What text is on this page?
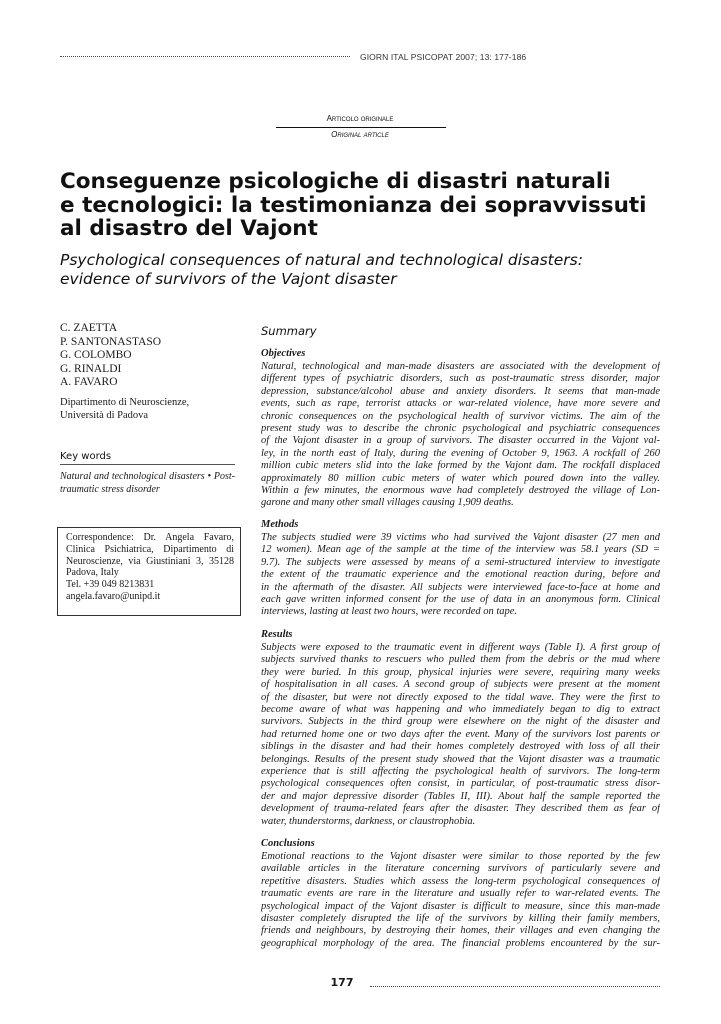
GIORN ITAL PSICOPAT 2007; 13: 177-186
Articolo originale
Original article
Conseguenze psicologiche di disastri naturali
e tecnologici: la testimonianza dei sopravvissuti
al disastro del Vajont
Psychological consequences of natural and technological disasters:
evidence of survivors of the Vajont disaster
C. ZAETTA
P. SANTONASTASO
G. COLOMBO
G. RINALDI
A. FAVARO
Dipartimento di Neuroscienze,
Università di Padova
Key words
Natural and technological disasters • Post-traumatic stress disorder
Correspondence: Dr. Angela Favaro, Clinica Psichiatrica, Dipartimento di Neuroscienze, via Giustiniani 3, 35128 Padova, Italy
Tel. +39 049 8213831
angela.favaro@unipd.it
Summary
Objectives
Natural, technological and man-made disasters are associated with the development of
different types of psychiatric disorders, such as post-traumatic stress disorder, major
depression, substance/alcohol abuse and anxiety disorders. It seems that man-made
events, such as rape, terrorist attacks or war-related violence, have more severe and
chronic consequences on the psychological health of survivor victims. The aim of the
present study was to describe the chronic psychological and psychiatric consequences
of the Vajont disaster in a group of survivors. The disaster occurred in the Vajont val-
ley, in the north east of Italy, during the evening of October 9, 1963. A rockfall of 260
million cubic meters slid into the lake formed by the Vajont dam. The rockfall displaced
approximately 80 million cubic meters of water which poured down into the valley.
Within a few minutes, the enormous wave had completely destroyed the village of Lon-
garone and many other small villages causing 1,909 deaths.
Methods
The subjects studied were 39 victims who had survived the Vajont disaster (27 men and
12 women). Mean age of the sample at the time of the interview was 58.1 years (SD =
9.7). The subjects were assessed by means of a semi-structured interview to investigate
the extent of the traumatic experience and the emotional reaction during, before and
in the aftermath of the disaster. All subjects were interviewed face-to-face at home and
each gave written informed consent for the use of data in an anonymous form. Clinical
interviews, lasting at least two hours, were recorded on tape.
Results
Subjects were exposed to the traumatic event in different ways (Table I). A first group of
subjects survived thanks to rescuers who pulled them from the debris or the mud where
they were buried. In this group, physical injuries were severe, requiring many weeks
of hospitalisation in all cases. A second group of subjects were present at the moment
of the disaster, but were not directly exposed to the tidal wave. They were the first to
become aware of what was happening and who immediately began to dig to extract
survivors. Subjects in the third group were elsewhere on the night of the disaster and
had returned home one or two days after the event. Many of the survivors lost parents or
siblings in the disaster and had their homes completely destroyed with loss of all their
belongings. Results of the present study showed that the Vajont disaster was a traumatic
experience that is still affecting the psychological health of survivors. The long-term
psychological consequences often consist, in particular, of post-traumatic stress disor-
der and major depressive disorder (Tables II, III). About half the sample reported the
development of trauma-related fears after the disaster. They described them as fear of
water, thunderstorms, darkness, or claustrophobia.
Conclusions
Emotional reactions to the Vajont disaster were similar to those reported by the few
available articles in the literature concerning survivors of particularly severe and
repetitive disasters. Studies which assess the long-term psychological consequences of
traumatic events are rare in the literature and usually refer to war-related events. The
psychological impact of the Vajont disaster is difficult to measure, since this man-made
disaster completely disrupted the life of the survivors by killing their family members,
friends and neighbours, by destroying their homes, their villages and even changing the
geographical morphology of the area. The financial problems encountered by the sur-
177
